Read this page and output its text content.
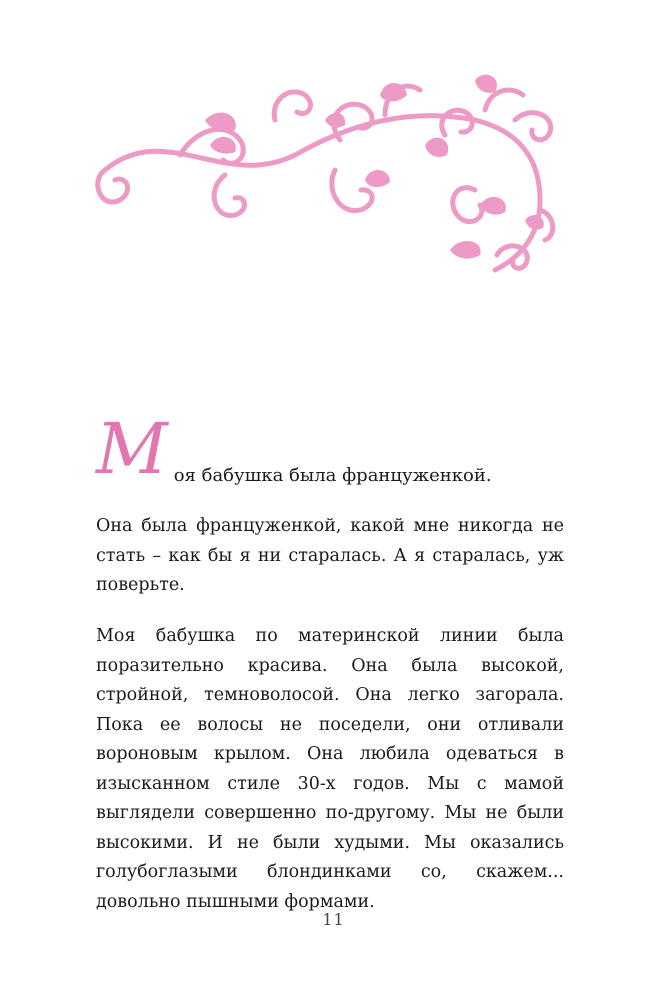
М оя бабушка была француженкой.

Она была француженкой, какой мне никогда не стать – как бы я ни старалась. А я старалась, уж поверьте.

Моя бабушка по материнской линии была поразительно красива. Она была высокой, стройной, темноволосой. Она легко загорала. Пока ее волосы не поседели, они отливали вороновым крылом. Она любила одеваться в изысканном стиле 30-х годов. Мы с мамой выглядели совершенно по-другому. Мы не были высокими. И не были худыми. Мы оказались голубоглазыми блондинками со, скажем... довольно пышными формами.

11
